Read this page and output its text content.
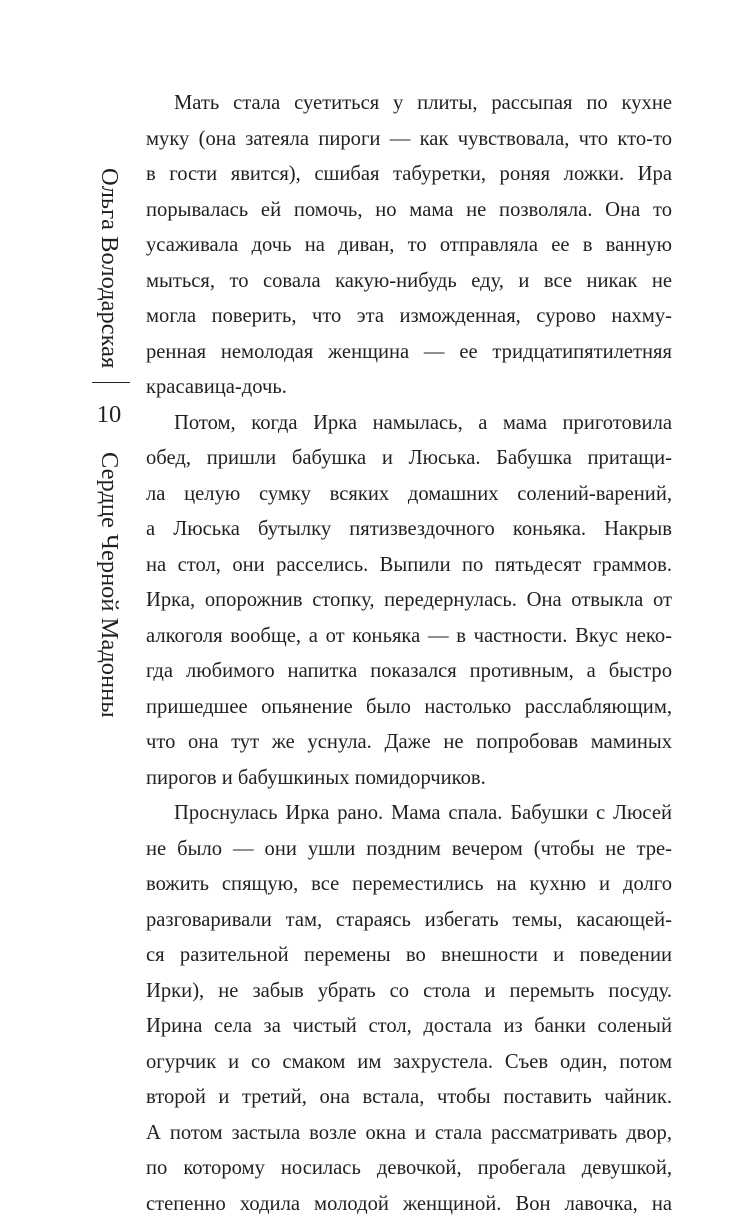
Ольга Володарская
10
Сердце Черной Мадонны
Мать стала суетиться у плиты, рассыпая по кухне
муку (она затеяла пироги — как чувствовала, что кто-то
в гости явится), сшибая табуретки, роняя ложки. Ира
порывалась ей помочь, но мама не позволяла. Она то
усаживала дочь на диван, то отправляла ее в ванную
мыться, то совала какую-нибудь еду, и все никак не
могла поверить, что эта изможденная, сурово нахму-
ренная немолодая женщина — ее тридцатипятилетняя
красавица-дочь.
Потом, когда Ирка намылась, а мама приготовила
обед, пришли бабушка и Люська. Бабушка притащи-
ла целую сумку всяких домашних солений-варений,
а Люська бутылку пятизвездочного коньяка. Накрыв
на стол, они расселись. Выпили по пятьдесят граммов.
Ирка, опорожнив стопку, передернулась. Она отвыкла от
алкоголя вообще, а от коньяка — в частности. Вкус неко-
гда любимого напитка показался противным, а быстро
пришедшее опьянение было настолько расслабляющим,
что она тут же уснула. Даже не попробовав маминых
пирогов и бабушкиных помидорчиков.
Проснулась Ирка рано. Мама спала. Бабушки с Люсей
не было — они ушли поздним вечером (чтобы не тре-
вожить спящую, все переместились на кухню и долго
разговаривали там, стараясь избегать темы, касающей-
ся разительной перемены во внешности и поведении
Ирки), не забыв убрать со стола и перемыть посуду.
Ирина села за чистый стол, достала из банки соленый
огурчик и со смаком им захрустела. Съев один, потом
второй и третий, она встала, чтобы поставить чайник.
А потом застыла возле окна и стала рассматривать двор,
по которому носилась девочкой, пробегала девушкой,
степенно ходила молодой женщиной. Вон лавочка, на
